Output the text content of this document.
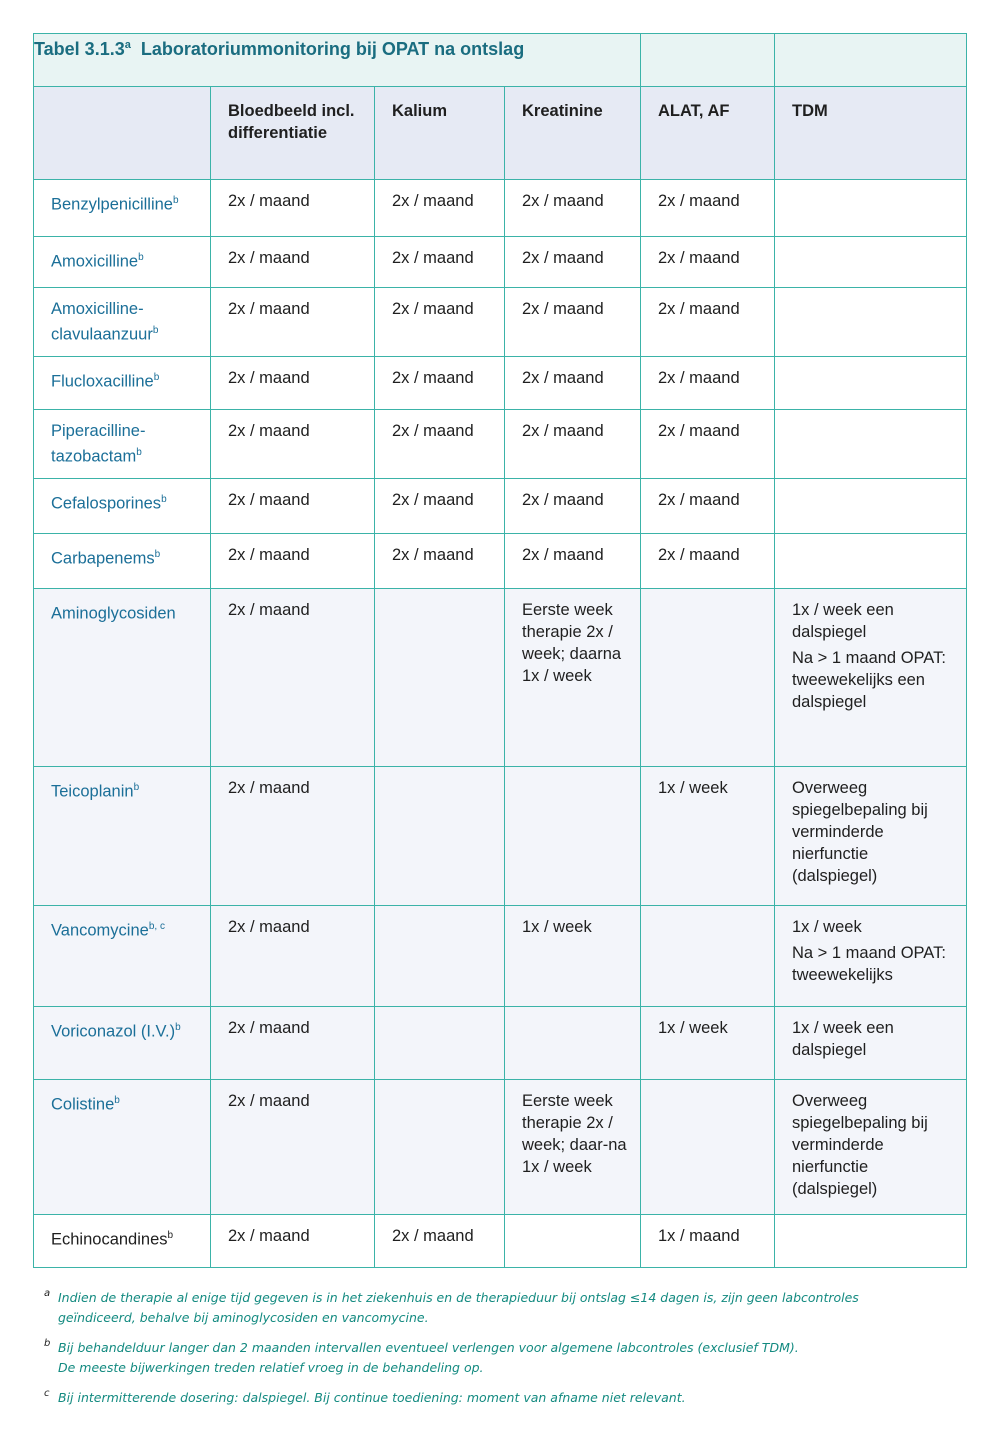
Tabel 3.1.3$^a$ Laboratoriummonitoring bij OPAT na ontslag					
	Bloedbeeld incl. differentiatie	Kalium	Kreatinine	ALAT, AF	TDM
Benzylpenicilline$^b$	2x / maand	2x / maand	2x / maand	2x / maand	

Amoxicilline$^b$	2x / maand	2x / maand	2x / maand	2x / maand	

Amoxicilline-clavulaanzuur$^b$	2x / maand	2x / maand	2x / maand	2x / maand	

Flucloxacilline$^b$	2x / maand	2x / maand	2x / maand	2x / maand	

Piperacilline-tazobactam$^b$	2x / maand	2x / maand	2x / maand	2x / maand	

Cefalosporines$^b$	2x / maand	2x / maand	2x / maand	2x / maand	

Carbapenems$^b$	2x / maand	2x / maand	2x / maand	2x / maand	

Aminoglycosiden	2x / maand		Eerste week therapie 2x / week; daarna 1x / week		1x / week een dalspiegel

Na > 1 maand OPAT: tweewekelijks een dalspiegel

Teicoplanin$^b$	2x / maand			1x / week	Overweeg spiegelbepaling bij verminderde nierfunctie (dalspiegel)

Vancomycine$^{b, c}$	2x / maand		1x / week		1x / week

Na > 1 maand OPAT: tweewekelijks

Voriconazol $(I.V.)^b$	2x / maand			1x / week	1x / week een dalspiegel

Colistine$^b$	2x / maand		Eerste week therapie 2x / week; daar-na 1x / week		Overweeg spiegelbepaling bij verminderde nierfunctie (dalspiegel)

Echinocandines$^b$	2x / maand	2x / maand		1x / maand	

a Indien de therapie al enige tijd gegeven is in het ziekenhuis en de therapieduur bij ontslag ≤14 dagen is, zijn geen labcontroles
geïndiceerd, behalve bij aminoglycosiden en vancomycine.
b Bij behandelduur langer dan 2 maanden intervallen eventueel verlengen voor algemene labcontroles (exclusief TDM).
De meeste bijwerkingen treden relatief vroeg in de behandeling op.
c Bij intermitterende dosering: dalspiegel. Bij continue toediening: moment van afname niet relevant.
